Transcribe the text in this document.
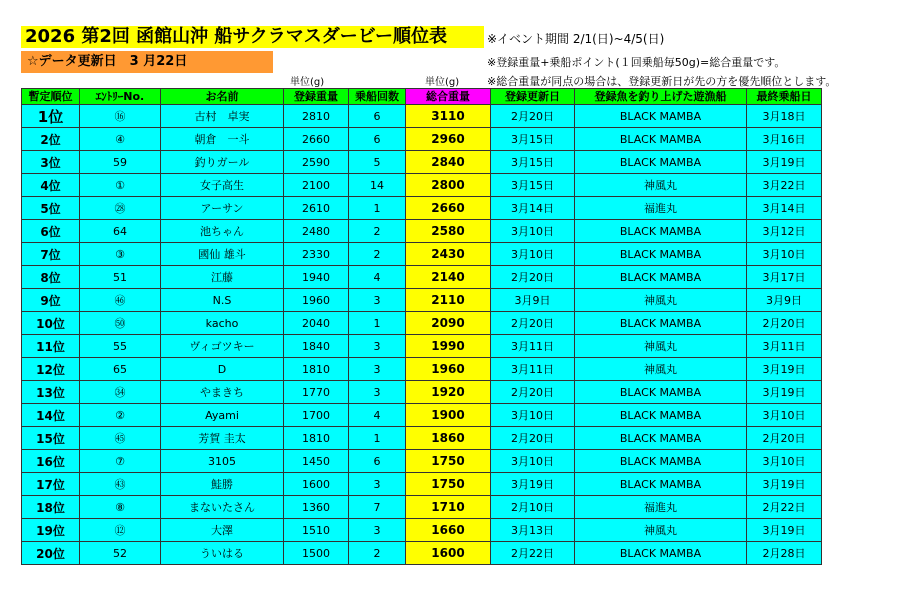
2026 第2回 函館山沖 船サクラマスダービー順位表	※イベント期間 2/1(日)~4/5(日)
☆データ更新日　3 月22日	※登録重量+乗船ポイント(１回乗船毎50g)=総合重量です。
単位(g)	単位(g)	※総合重量が同点の場合は、登録更新日が先の方を優先順位とします。
暫定順位	ｴﾝﾄﾘｰNo.	お名前	登録重量	乗船回数	総合重量	登録更新日	登録魚を釣り上げた遊漁船	最終乗船日
1位	⑯	古村　卓実	2810	6	3110	2月20日	BLACK MAMBA	3月18日
2位	④	朝倉　一斗	2660	6	2960	3月15日	BLACK MAMBA	3月16日
3位	59	釣りガール	2590	5	2840	3月15日	BLACK MAMBA	3月19日
4位	①	女子高生	2100	14	2800	3月15日	神風丸	3月22日
5位	㉘	アーサン	2610	1	2660	3月14日	福進丸	3月14日
6位	64	池ちゃん	2480	2	2580	3月10日	BLACK MAMBA	3月12日
7位	③	國仙 雄斗	2330	2	2430	3月10日	BLACK MAMBA	3月10日
8位	51	江藤	1940	4	2140	2月20日	BLACK MAMBA	3月17日
9位	㊻	N.S	1960	3	2110	3月9日	神風丸	3月9日
10位	㊿	kacho	2040	1	2090	2月20日	BLACK MAMBA	2月20日
11位	55	ヴィゴツキー	1840	3	1990	3月11日	神風丸	3月11日
12位	65	D	1810	3	1960	3月11日	神風丸	3月19日
13位	㉞	やまきち	1770	3	1920	2月20日	BLACK MAMBA	3月19日
14位	②	Ayami	1700	4	1900	3月10日	BLACK MAMBA	3月10日
15位	㊺	芳賀 圭太	1810	1	1860	2月20日	BLACK MAMBA	2月20日
16位	⑦	3105	1450	6	1750	3月10日	BLACK MAMBA	3月10日
17位	㊸	鮭勝	1600	3	1750	3月19日	BLACK MAMBA	3月19日
18位	⑧	まないたさん	1360	7	1710	2月10日	福進丸	2月22日
19位	⑫	大澤	1510	3	1660	3月13日	神風丸	3月19日
20位	52	ういはる	1500	2	1600	2月22日	BLACK MAMBA	2月28日
